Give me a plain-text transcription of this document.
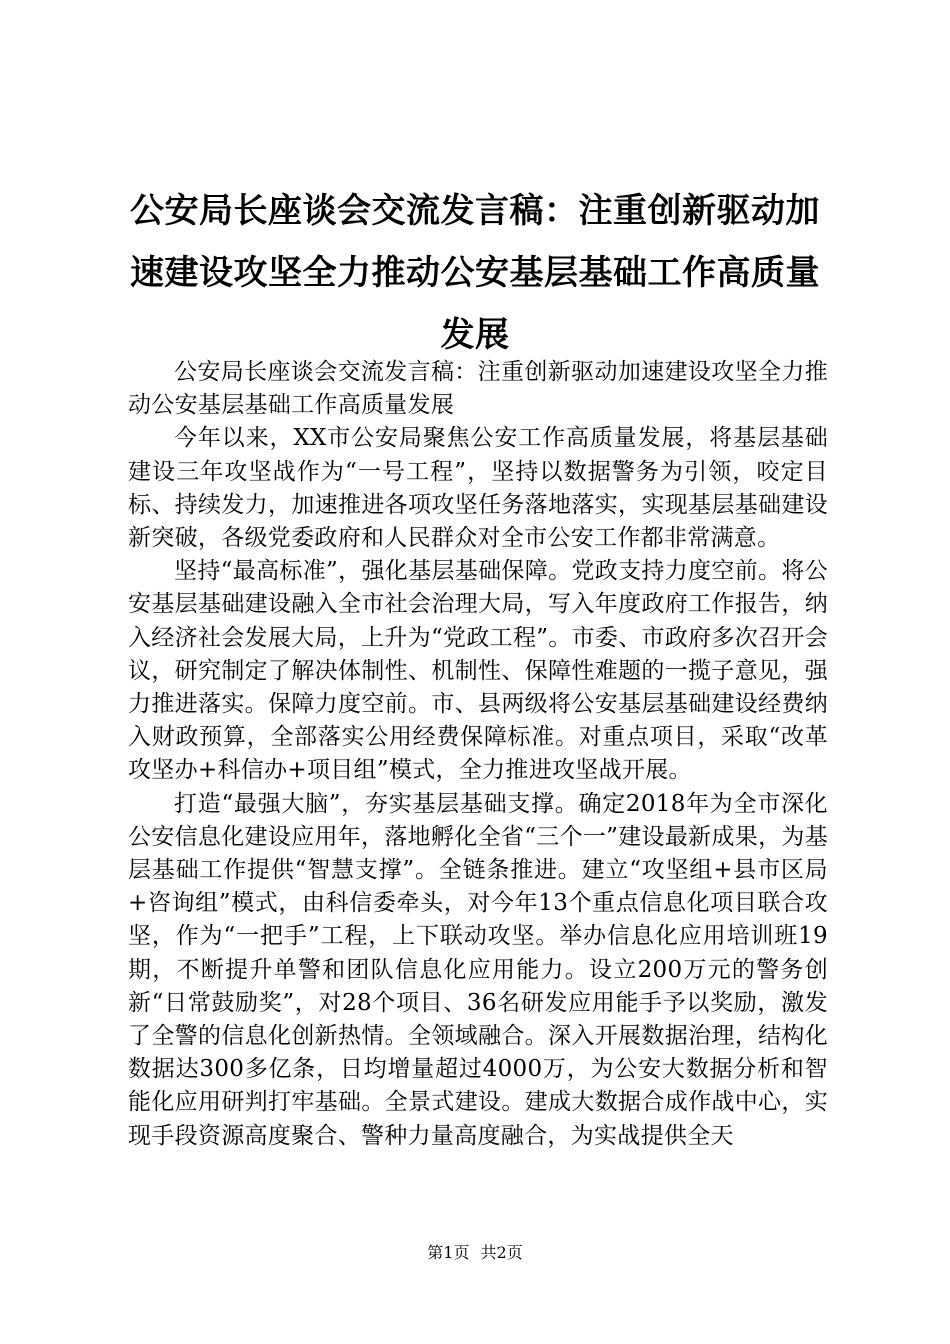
公安局长座谈会交流发言稿：注重创新驱动加速建设攻坚全力推动公安基层基础工作高质量发展

公安局长座谈会交流发言稿：注重创新驱动加速建设攻坚全力推动公安基层基础工作高质量发展

今年以来，XX市公安局聚焦公安工作高质量发展，将基层基础建设三年攻坚战作为“一号工程”，坚持以数据警务为引领，咬定目标、持续发力，加速推进各项攻坚任务落地落实，实现基层基础建设新突破，各级党委政府和人民群众对全市公安工作都非常满意。

坚持“最高标准”，强化基层基础保障。党政支持力度空前。将公安基层基础建设融入全市社会治理大局，写入年度政府工作报告，纳入经济社会发展大局，上升为“党政工程”。市委、市政府多次召开会议，研究制定了解决体制性、机制性、保障性难题的一揽子意见，强力推进落实。保障力度空前。市、县两级将公安基层基础建设经费纳入财政预算，全部落实公用经费保障标准。对重点项目，采取“改革攻坚办+科信办+项目组”模式，全力推进攻坚战开展。

打造“最强大脑”，夯实基层基础支撑。确定2018年为全市深化公安信息化建设应用年，落地孵化全省“三个一”建设最新成果，为基层基础工作提供“智慧支撑”。全链条推进。建立“攻坚组+县市区局+咨询组”模式，由科信委牵头，对今年13个重点信息化项目联合攻坚，作为“一把手”工程，上下联动攻坚。举办信息化应用培训班19期，不断提升单警和团队信息化应用能力。设立200万元的警务创新“日常鼓励奖”，对28个项目、36名研发应用能手予以奖励，激发了全警的信息化创新热情。全领域融合。深入开展数据治理，结构化数据达300多亿条，日均增量超过4000万，为公安大数据分析和智能化应用研判打牢基础。全景式建设。建成大数据合成作战中心，实现手段资源高度聚合、警种力量高度融合，为实战提供全天

第1页 共2页
